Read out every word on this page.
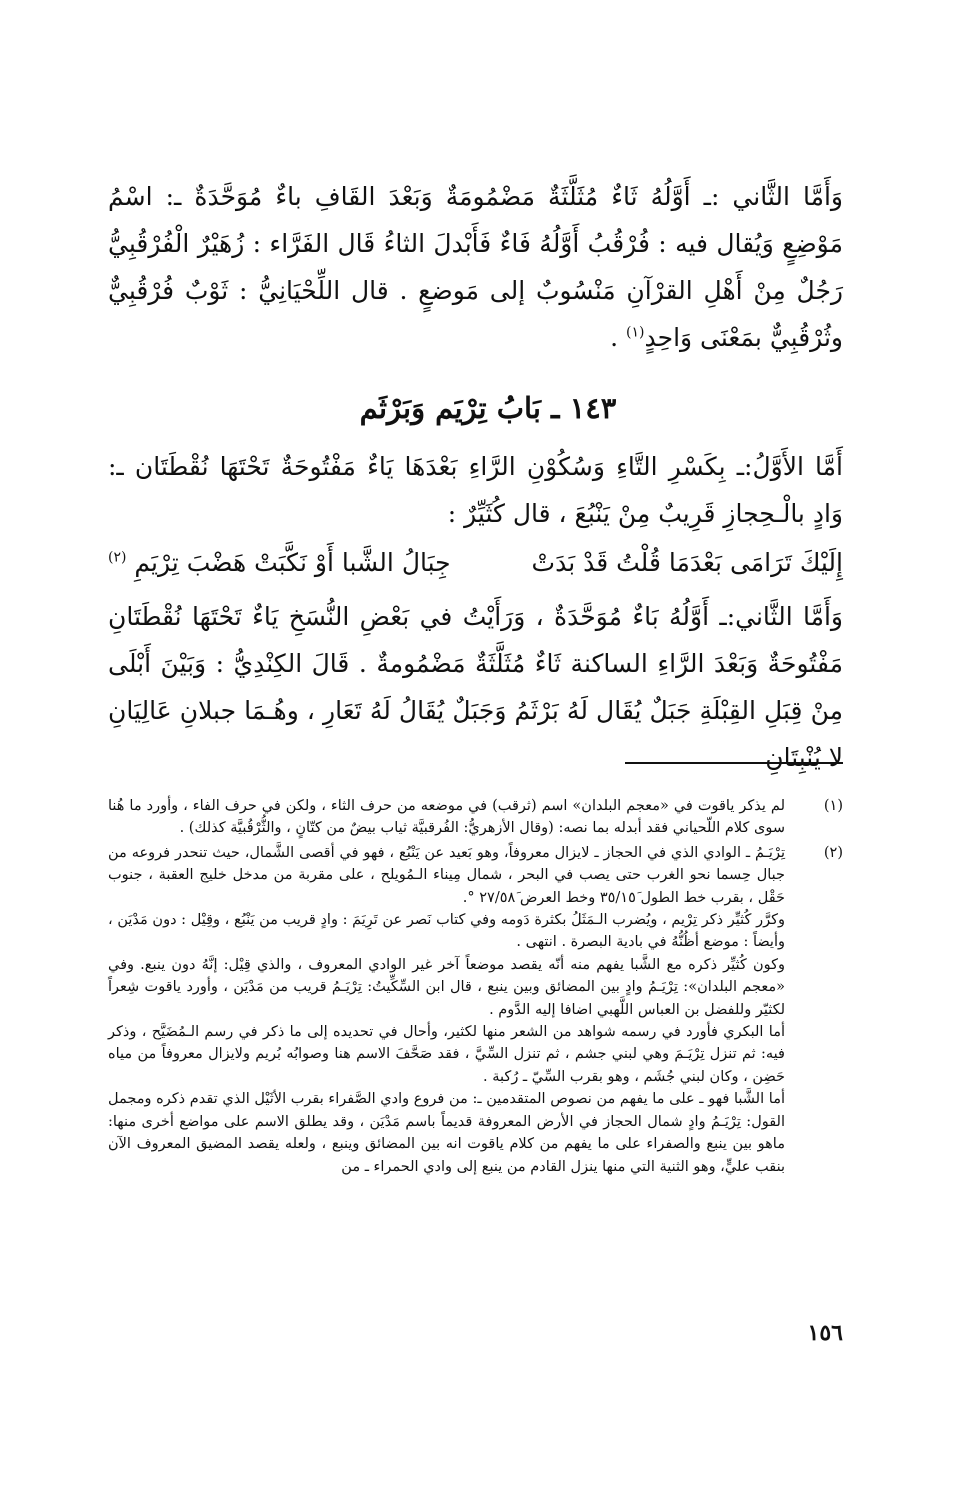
وَأَمَّا الثَّاني :ـ أَوَّلُهُ ثَاءٌ مُثَلَّثَةٌ مَضْمُومَةٌ وَبَعْدَ القَافِ باءٌ مُوَحَّدَةٌ ـ: اسْمُ مَوْضِعٍ وَيُقال فيه : فُرْقُبُ أَوَّلُهُ فَاءٌ فَأَبْدلَ الثاءُ قَال الفَرَّاء : زُهَيْرٌ الْفُرْقُبِيُّ رَجُلٌ مِنْ أَهْلِ القرْآنِ مَنْسُوبٌ إلى مَوضعٍ . قال اللِّحْيَانِيُّ : ثَوْبٌ فُرْقُبِيٌّ وثُرْقُبِيٌّ بمَعْنَى وَاحِدٍ$^{(١)}$ .

١٤٣ ـ بَابُ تِرْيَم وَبَرْثَم

أَمَّا الأَوَّلُ:ـ بِكَسْرِ التَّاءِ وَسُكُوْنِ الرَّاءِ بَعْدَهَا يَاءٌ مَفْتُوحَةٌ تَحْتَهَا نُقْطَتَان ـ: وَادٍ بالْـحِجازِ قَرِيبٌ مِنْ يَنْبُعَ ، قال كُثَيِّرٌ :

إِلَيْكَ تَرَامَى بَعْدَمَا قُلْتُ قَدْ بَدَتْ
جِبَالُ الشَّبا أَوْ نَكَّبَتْ هَضْبَ تِرْيَمِ $^{(٢)}$

وَأَمَّا الثَّاني:ـ أَوَّلُهُ بَاءٌ مُوَحَّدَةٌ ، وَرَأَيْتُ في بَعْضِ النُّسَخِ يَاءٌ تَحْتَهَا نُقْطَتَانِ مَفْتُوحَةٌ وَبَعْدَ الرَّاءِ الساكنة ثَاءٌ مُثَلَّثَةٌ مَضْمُومةٌ . قَالَ الكِنْدِيُّ : وَبَيْنَ أَبْلَى مِنْ قِبَلِ القِبْلَةِ جَبَلٌ يُقَال لَهُ بَرْثَمُ وَجَبَلٌ يُقَالُ لَهُ تَعَارِ ، وهُـمَا جبلانِ عَالِيَانِ لا يُنْبِتَانِ

(١)

لم يذكر ياقوت في «معجم البلدان» اسم (ثرقب) في موضعه من حرف الثاء ، ولكن في حرف الفاء ، وأورد ما هُنا سوى كلام اللّحياني فقد أبدله بما نصه: (وقال الأزهريُّ: الفُرقبيَّة ثياب بيضٌ من كتّانٍ ، والثُّرْقُبيَّة كذلك) .

(٢)

تِرْيَـمُ ـ الوادي الذي في الحجاز ـ لايزال معروفاً، وهو بَعيد عن يَنْبُع ، فهو في أقصى الشَّمال، حيث تنحدر فروعه من جبال حِسما نحو الغرب حتى يصب في البحر ، شمال مِيناء الـمُويلح ، على مقربة من مدخل خليج العقبة ، جنوب حَقْل ، بقرب خط الطول ٣٥/١٥َ وخط العرض ٢٧/٥٨َ °.

وكرَّر كُثيِّر ذكر تِرْيم ، ويُضرب الـمَثَلُ بكثرة دَومه وفي كتاب نَصر عن تَرِيَمَ : وادٍ قريب من يَنْبُع ، وقِيْل : دون مَدْيَن ، وأيضاً : موضع أظُنُّهُ في بادية البصرة . انتهى .

وكون كُثيِّر ذكره مع الشَّبا يفهم منه أنّه يقصد موضعاً آخر غير الوادي المعروف ، والذي قِيْل: إنَّهُ دون ينبع. وفي «معجم البلدان»: تِرْيَـمُ وادٍ بين المضائق وبين ينبع ، قال ابن السِّكِّيتُ: تِرْيَـمُ قريب من مَدْيَن ، وأورد ياقوت شِعراً لكثيّر وللفضل بن العباس اللَّهبي اضافا إليه الدَّوم .

أما البكري فأورد في رسمه شواهد من الشعر منها لكثير، وأحال في تحديده إلى ما ذكر في رسم الـمُضَيَّح ، وذكر فيه: ثم تنزل تِرْيَـمَ وهي لبني جشم ، ثم تنزل السِّيَّ ، فقد صَحَّفَ الاسم هنا وصوابُه بُريم ولايزال معروفاً من مياه حَضِن ، وكان لبني جُشَم ، وهو بقرب السِّيّ ـ رُكبة .

أما الشَّبا فهو ـ على ما يفهم من نصوص المتقدمين ـ: من فروع وادي الصَّفراء بقرب الأثَيْل الذي تقدم ذكره ومجمل القول: تِرْيَـمُ وادٍ شمال الحجاز في الأرض المعروفة قديماً باسم مَدْيَن ، وقد يطلق الاسم على مواضع أخرى منها: ماهو بين ينبع والصفراء على ما يفهم من كلام ياقوت انه بين المضائق وينبع ، ولعله يقصد المضيق المعروف الآن بنقب عليٍّ، وهو الثنية التي منها ينزل القادم من ينبع إلى وادي الحمراء ـ من

١٥٦
